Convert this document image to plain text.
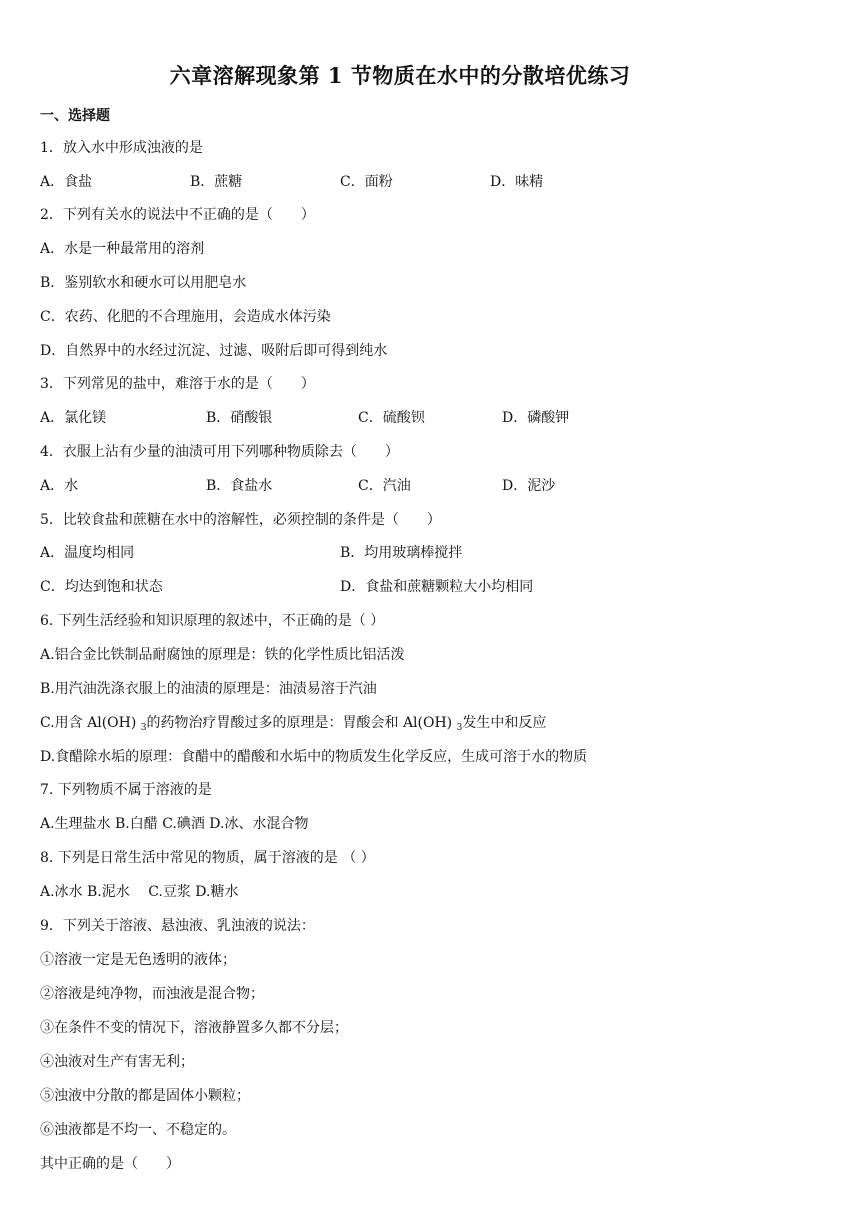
六章溶解现象第 1 节物质在水中的分散培优练习
一、选择题
1．放入水中形成浊液的是
A．食盐	B．蔗糖	C．面粉	D．味精
2．下列有关水的说法中不正确的是（　　）
A．水是一种最常用的溶剂
B．鉴别软水和硬水可以用肥皂水
C．农药、化肥的不合理施用，会造成水体污染
D．自然界中的水经过沉淀、过滤、吸附后即可得到纯水
3．下列常见的盐中，难溶于水的是（　　）
A．氯化镁	B．硝酸银	C．硫酸钡	D．磷酸钾
4．衣服上沾有少量的油渍可用下列哪种物质除去（　　）
A．水	B．食盐水	C．汽油	D．泥沙
5．比较食盐和蔗糖在水中的溶解性，必须控制的条件是（　　）
A．温度均相同	B．均用玻璃棒搅拌
C．均达到饱和状态	D．食盐和蔗糖颗粒大小均相同
6. 下列生活经验和知识原理的叙述中，不正确的是（ ）
A.铝合金比铁制品耐腐蚀的原理是：铁的化学性质比铝活泼
B.用汽油洗涤衣服上的油渍的原理是：油渍易溶于汽油
C.用含 Al(OH) $_3$的药物治疗胃酸过多的原理是：胃酸会和 Al(OH) $_3$发生中和反应
D.食醋除水垢的原理：食醋中的醋酸和水垢中的物质发生化学反应，生成可溶于水的物质
7. 下列物质不属于溶液的是
A.生理盐水 B.白醋 C.碘酒 D.冰、水混合物
8. 下列是日常生活中常见的物质，属于溶液的是 （ ）
A.冰水 B.泥水　 C.豆浆 D.糖水
9．下列关于溶液、悬浊液、乳浊液的说法：
①溶液一定是无色透明的液体；
②溶液是纯净物，而浊液是混合物；
③在条件不变的情况下，溶液静置多久都不分层；
④浊液对生产有害无利；
⑤浊液中分散的都是固体小颗粒；
⑥浊液都是不均一、不稳定的。
其中正确的是（　　）
